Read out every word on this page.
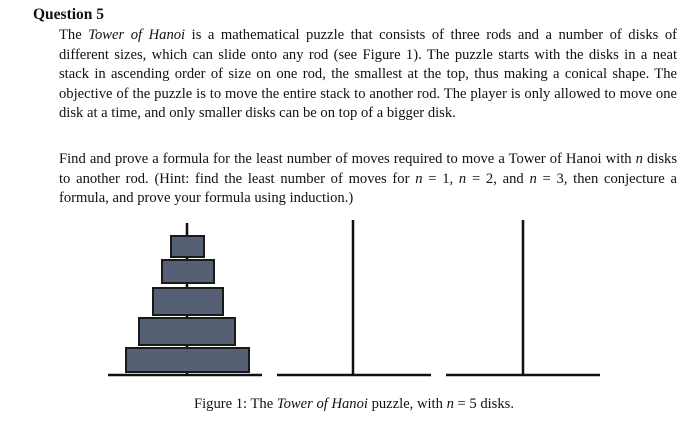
Question 5

The Tower of Hanoi is a mathematical puzzle that consists of three rods and a number of disks of different sizes, which can slide onto any rod (see Figure 1). The puzzle starts with the disks in a neat stack in ascending order of size on one rod, the smallest at the top, thus making a conical shape. The objective of the puzzle is to move the entire stack to another rod. The player is only allowed to move one disk at a time, and only smaller disks can be on top of a bigger disk.

Find and prove a formula for the least number of moves required to move a Tower of Hanoi with n disks to another rod. (Hint: find the least number of moves for n = 1, n = 2, and n = 3, then conjecture a formula, and prove your formula using induction.)

Figure 1: The Tower of Hanoi puzzle, with n = 5 disks.
